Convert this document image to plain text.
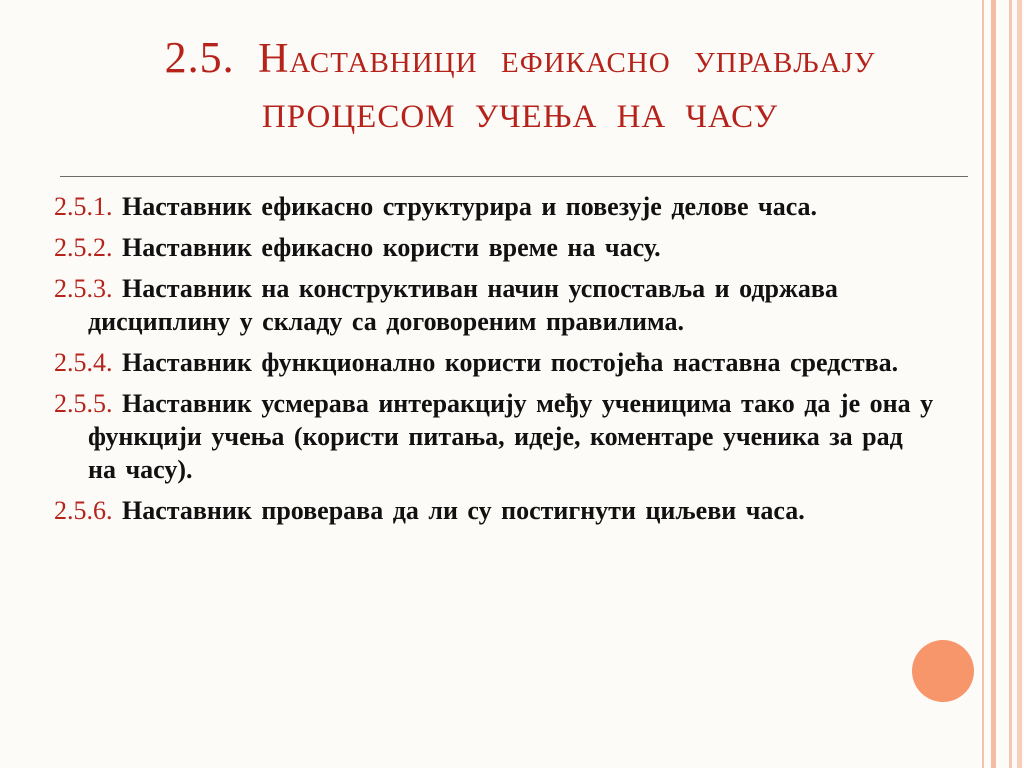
2.5. Наставници ефикасно управљају
ПРОЦЕСОМ УЧЕЊА НА ЧАСУ
2.5.1. Наставник ефикасно структурира и повезује делове часа.
2.5.2. Наставник ефикасно користи време на часу.
2.5.3. Наставник на конструктиван начин успоставља и одржава дисциплину у складу са договореним правилима.
2.5.4. Наставник функционално користи постојећа наставна средства.
2.5.5. Наставник усмерава интеракцију међу ученицима тако да је она у функцији учења (користи питања, идеје, коментаре ученика за рад на часу).
2.5.6. Наставник проверава да ли су постигнути циљеви часа.
